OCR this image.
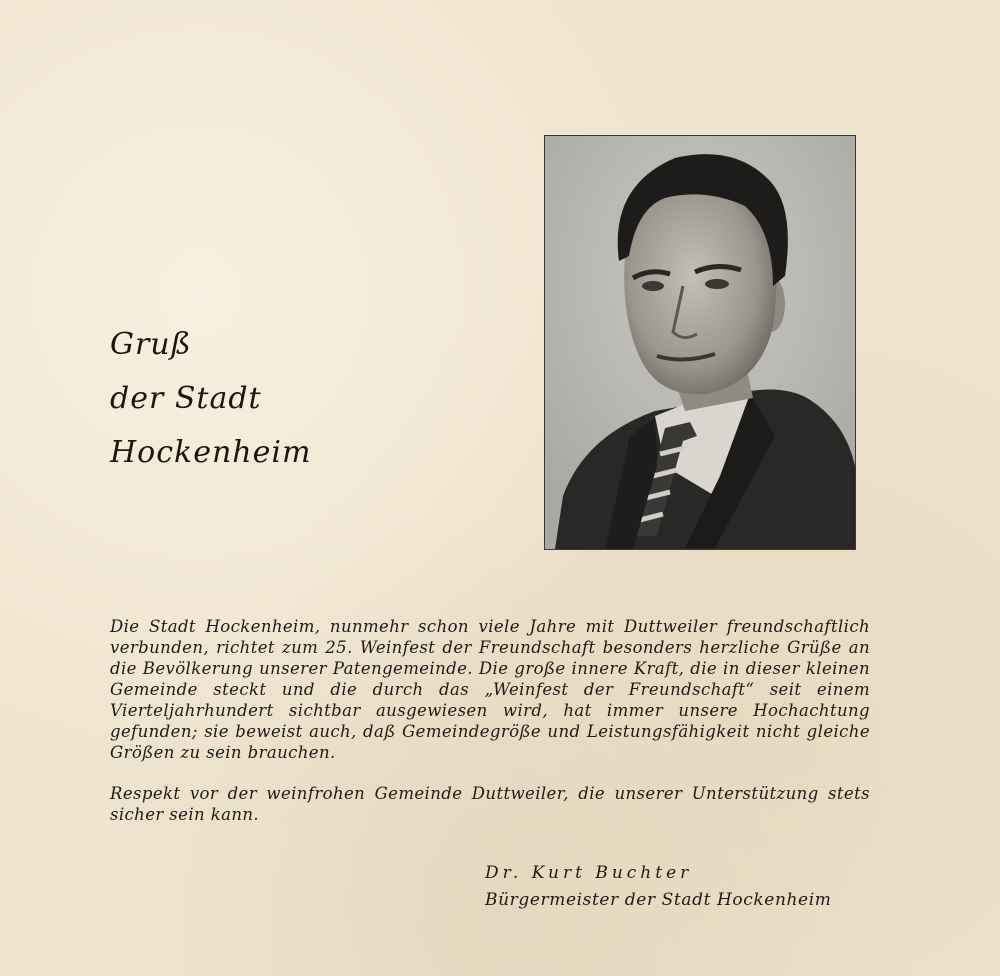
Gruß
der Stadt
Hockenheim

Die Stadt Hockenheim, nunmehr schon viele Jahre mit Duttweiler freundschaftlich verbunden, richtet zum 25. Weinfest der Freundschaft besonders herzliche Grüße an die Bevölkerung unserer Patengemeinde. Die große innere Kraft, die in dieser kleinen Gemeinde steckt und die durch das „Weinfest der Freundschaft“ seit einem Vierteljahrhundert sichtbar ausgewiesen wird, hat immer unsere Hochachtung gefunden; sie beweist auch, daß Gemeindegröße und Leistungsfähigkeit nicht gleiche Größen zu sein brauchen.

Respekt vor der weinfrohen Gemeinde Duttweiler, die unserer Unterstützung stets sicher sein kann.

Dr. Kurt Buchter
Bürgermeister der Stadt Hockenheim
